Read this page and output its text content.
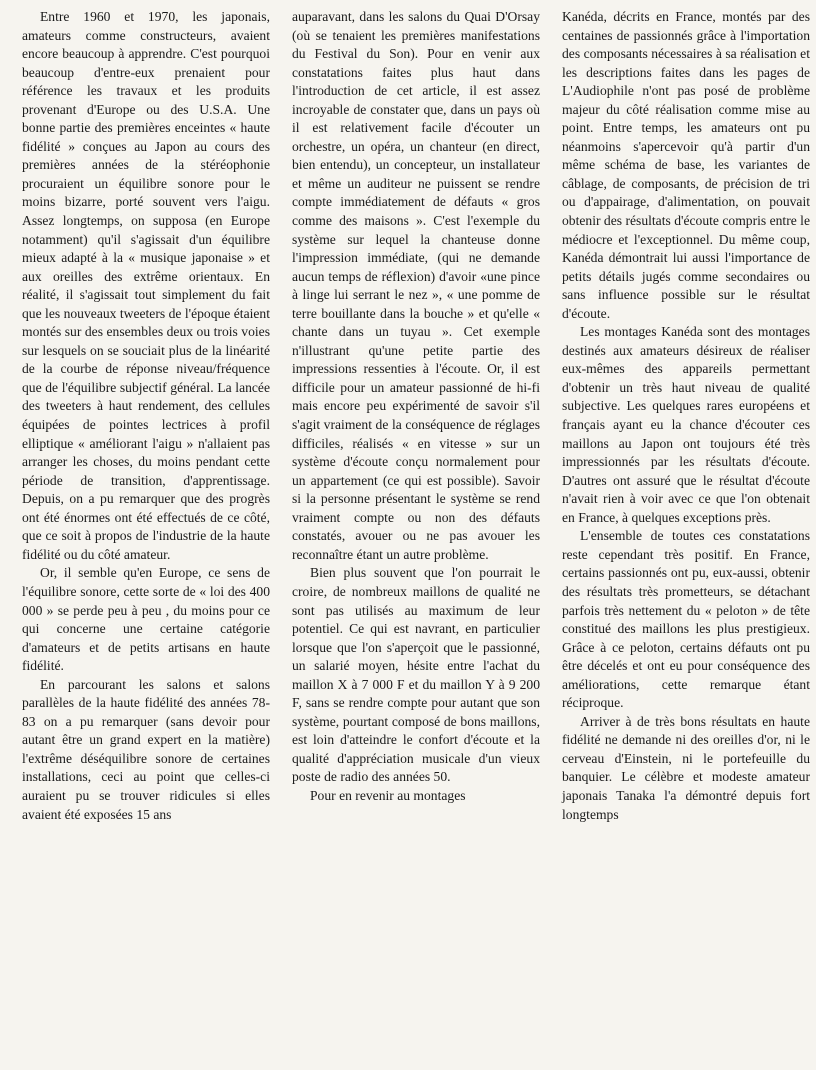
Entre 1960 et 1970, les japonais, amateurs comme constructeurs, avaient encore beaucoup à apprendre. C'est pourquoi beaucoup d'entre-eux prenaient pour référence les travaux et les produits provenant d'Europe ou des U.S.A. Une bonne partie des premières enceintes « haute fidélité » conçues au Japon au cours des premières années de la stéréophonie procuraient un équilibre sonore pour le moins bizarre, porté souvent vers l'aigu. Assez longtemps, on supposa (en Europe notamment) qu'il s'agissait d'un équilibre mieux adapté à la « musique japonaise » et aux oreilles des extrême orientaux. En réalité, il s'agissait tout simplement du fait que les nouveaux tweeters de l'époque étaient montés sur des ensembles deux ou trois voies sur lesquels on se souciait plus de la linéarité de la courbe de réponse niveau/fréquence que de l'équilibre subjectif général. La lancée des tweeters à haut rendement, des cellules équipées de pointes lectrices à profil elliptique « améliorant l'aigu » n'allaient pas arranger les choses, du moins pendant cette période de transition, d'apprentissage. Depuis, on a pu remarquer que des progrès ont été énormes ont été effectués de ce côté, que ce soit à propos de l'industrie de la haute fidélité ou du côté amateur.

Or, il semble qu'en Europe, ce sens de l'équilibre sonore, cette sorte de « loi des 400 000 » se perde peu à peu , du moins pour ce qui concerne une certaine catégorie d'amateurs et de petits artisans en haute fidélité.

En parcourant les salons et salons parallèles de la haute fidélité des années 78-83 on a pu remarquer (sans devoir pour autant être un grand expert en la matière) l'extrême déséquilibre sonore de certaines installations, ceci au point que celles-ci auraient pu se trouver ridicules si elles avaient été exposées 15 ans

auparavant, dans les salons du Quai D'Orsay (où se tenaient les premières manifestations du Festival du Son). Pour en venir aux constatations faites plus haut dans l'introduction de cet article, il est assez incroyable de constater que, dans un pays où il est relativement facile d'écouter un orchestre, un opéra, un chanteur (en direct, bien entendu), un concepteur, un installateur et même un auditeur ne puissent se rendre compte immédiatement de défauts « gros comme des maisons ». C'est l'exemple du système sur lequel la chanteuse donne l'impression immédiate, (qui ne demande aucun temps de réflexion) d'avoir «une pince à linge lui serrant le nez », « une pomme de terre bouillante dans la bouche » et qu'elle « chante dans un tuyau ». Cet exemple n'illustrant qu'une petite partie des impressions ressenties à l'écoute. Or, il est difficile pour un amateur passionné de hi-fi mais encore peu expérimenté de savoir s'il s'agit vraiment de la conséquence de réglages difficiles, réalisés « en vitesse » sur un système d'écoute conçu normalement pour un appartement (ce qui est possible). Savoir si la personne présentant le système se rend vraiment compte ou non des défauts constatés, avouer ou ne pas avouer les reconnaître étant un autre problème.

Bien plus souvent que l'on pourrait le croire, de nombreux maillons de qualité ne sont pas utilisés au maximum de leur potentiel. Ce qui est navrant, en particulier lorsque que l'on s'aperçoit que le passionné, un salarié moyen, hésite entre l'achat du maillon X à 7 000 F et du maillon Y à 9 200 F, sans se rendre compte pour autant que son système, pourtant composé de bons maillons, est loin d'atteindre le confort d'écoute et la qualité d'appréciation musicale d'un vieux poste de radio des années 50.

Pour en revenir au montages

Kanéda, décrits en France, montés par des centaines de passionnés grâce à l'importation des composants nécessaires à sa réalisation et les descriptions faites dans les pages de L'Audiophile n'ont pas posé de problème majeur du côté réalisation comme mise au point. Entre temps, les amateurs ont pu néanmoins s'apercevoir qu'à partir d'un même schéma de base, les variantes de câblage, de composants, de précision de tri ou d'appairage, d'alimentation, on pouvait obtenir des résultats d'écoute compris entre le médiocre et l'exceptionnel. Du même coup, Kanéda démontrait lui aussi l'importance de petits détails jugés comme secondaires ou sans influence possible sur le résultat d'écoute.

Les montages Kanéda sont des montages destinés aux amateurs désireux de réaliser eux-mêmes des appareils permettant d'obtenir un très haut niveau de qualité subjective. Les quelques rares européens et français ayant eu la chance d'écouter ces maillons au Japon ont toujours été très impressionnés par les résultats d'écoute. D'autres ont assuré que le résultat d'écoute n'avait rien à voir avec ce que l'on obtenait en France, à quelques exceptions près.

L'ensemble de toutes ces constatations reste cependant très positif. En France, certains passionnés ont pu, eux-aussi, obtenir des résultats très prometteurs, se détachant parfois très nettement du « peloton » de tête constitué des maillons les plus prestigieux. Grâce à ce peloton, certains défauts ont pu être décelés et ont eu pour conséquence des améliorations, cette remarque étant réciproque.

Arriver à de très bons résultats en haute fidélité ne demande ni des oreilles d'or, ni le cerveau d'Einstein, ni le portefeuille du banquier. Le célèbre et modeste amateur japonais Tanaka l'a démontré depuis fort longtemps
